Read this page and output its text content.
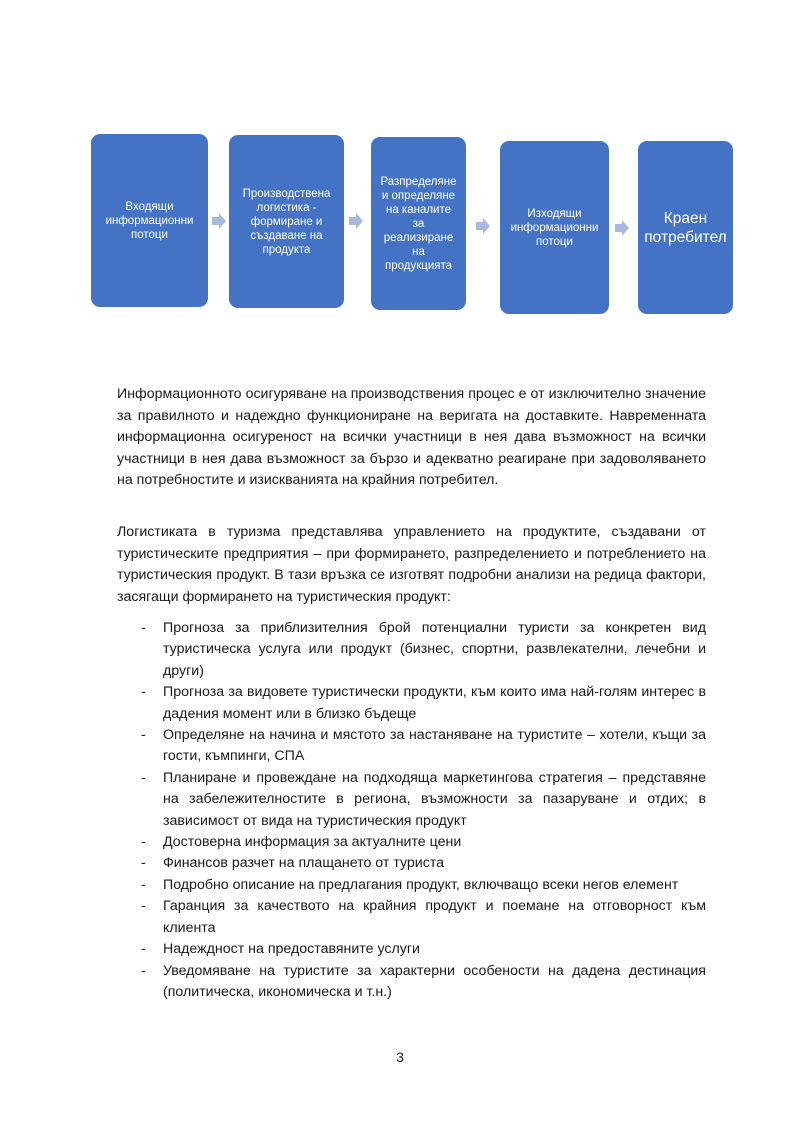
Входящи
информационни
потоци
Производствена
логистика -
формиране и
създаване на
продукта
Разпределяне
и определяне
на каналите
за
реализиране
на
продукцията
Изходящи
информационни
потоци
Краен
потребител
Информационното осигуряване на производствения процес е от изключително значение за правилното и надеждно функциониране на веригата на доставките. Навременната информационна осигуреност на всички участници в нея дава възможност на всички участници в нея дава възможност за бързо и адекватно реагиране при задоволяването на потребностите и изискванията на крайния потребител.
Логистиката в туризма представлява управлението на продуктите, създавани от туристическите предприятия – при формирането, разпределението и потреблението на туристическия продукт. В тази връзка се изготвят подробни анализи на редица фактори, засягащи формирането на туристическия продукт:
- Прогноза за приблизителния брой потенциални туристи за конкретен вид туристическа услуга или продукт (бизнес, спортни, развлекателни, лечебни и други)
- Прогноза за видовете туристически продукти, към които има най-голям интерес в дадения момент или в близко бъдеще
- Определяне на начина и мястото за настаняване на туристите – хотели, къщи за гости, къмпинги, СПА
- Планиране и провеждане на подходяща маркетингова стратегия – представяне на забележителностите в региона, възможности за пазаруване и отдих; в зависимост от вида на туристическия продукт
- Достоверна информация за актуалните цени
- Финансов разчет на плащането от туриста
- Подробно описание на предлагания продукт, включващо всеки негов елемент
- Гаранция за качеството на крайния продукт и поемане на отговорност към клиента
- Надеждност на предоставяните услуги
- Уведомяване на туристите за характерни особености на дадена дестинация (политическа, икономическа и т.н.)
3
